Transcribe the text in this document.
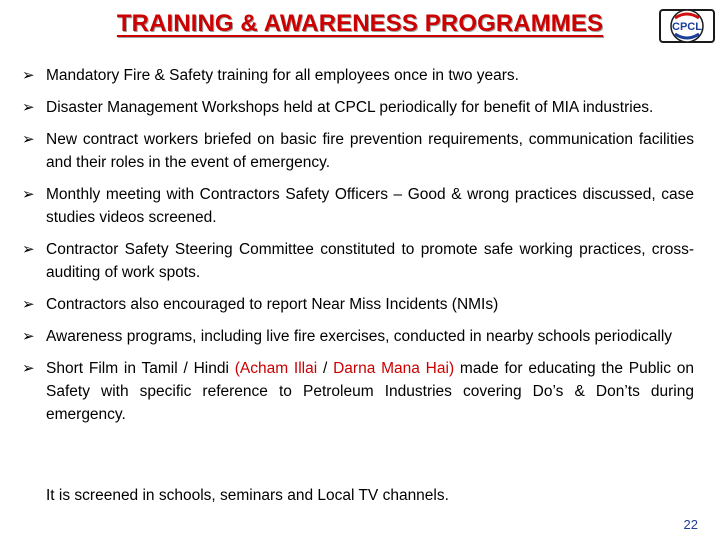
TRAINING & AWARENESS PROGRAMMES	CPCL
➢ Mandatory Fire & Safety training for all employees once in two years.
➢ Disaster Management Workshops held at CPCL periodically for benefit of MIA industries.
➢ New contract workers briefed on basic fire prevention requirements, communication facilities and their roles in the event of emergency.
➢ Monthly meeting with Contractors Safety Officers – Good & wrong practices discussed, case studies videos screened.
➢ Contractor Safety Steering Committee constituted to promote safe working practices, cross-auditing of work spots.
➢ Contractors also encouraged to report Near Miss Incidents (NMIs)
➢ Awareness programs, including live fire exercises, conducted in nearby schools periodically
➢ Short Film in Tamil / Hindi (Acham Illai / Darna Mana Hai) made for educating the Public on Safety with specific reference to Petroleum Industries covering Do’s & Don’ts during emergency.
It is screened in schools, seminars and Local TV channels.
22
